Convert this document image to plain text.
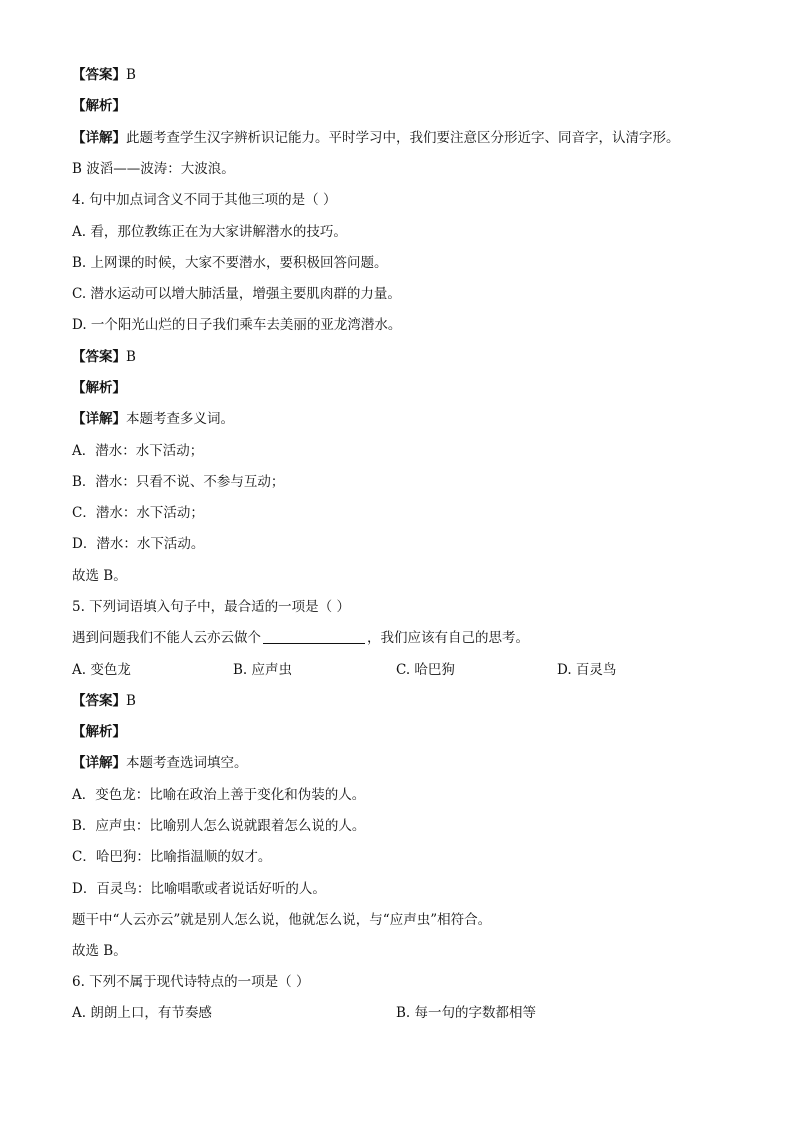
【答案】B
【解析】
【详解】此题考查学生汉字辨析识记能力。平时学习中，我们要注意区分形近字、同音字，认清字形。
B 波滔——波涛：大波浪。
4. 句中加点词含义不同于其他三项的是（ ）
A. 看，那位教练正在为大家讲解潜水的技巧。
B. 上网课的时候，大家不要潜水，要积极回答问题。
C. 潜水运动可以增大肺活量，增强主要肌肉群的力量。
D. 一个阳光山烂的日子我们乘车去美丽的亚龙湾潜水。
【答案】B
【解析】
【详解】本题考查多义词。
A．潜水：水下活动；
B．潜水：只看不说、不参与互动；
C．潜水：水下活动；
D．潜水：水下活动。
故选 B。
5. 下列词语填入句子中，最合适的一项是（ ）
遇到问题我们不能人云亦云做个	，我们应该有自己的思考。
A. 变色龙	B. 应声虫	C. 哈巴狗	D. 百灵鸟
【答案】B
【解析】
【详解】本题考查选词填空。
A．变色龙：比喻在政治上善于变化和伪装的人。
B．应声虫：比喻别人怎么说就跟着怎么说的人。
C．哈巴狗：比喻指温顺的奴才。
D．百灵鸟：比喻唱歌或者说话好听的人。
题干中“人云亦云”就是别人怎么说，他就怎么说，与“应声虫”相符合。
故选 B。
6. 下列不属于现代诗特点的一项是（ ）
A. 朗朗上口，有节奏感	B. 每一句的字数都相等
